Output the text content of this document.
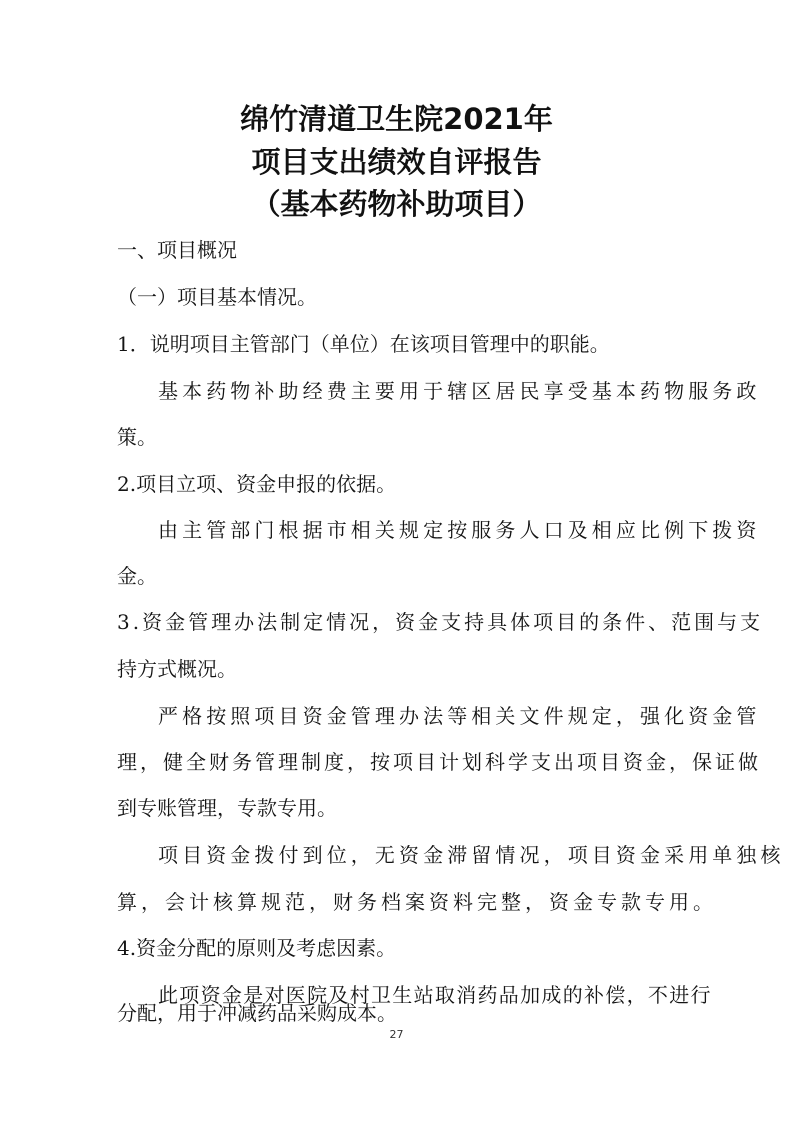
绵竹清道卫生院2021年
项目支出绩效自评报告
（基本药物补助项目）
一、项目概况
（一）项目基本情况。
1．说明项目主管部门（单位）在该项目管理中的职能。
基本药物补助经费主要用于辖区居民享受基本药物服务政
策。
2.项目立项、资金申报的依据。
由主管部门根据市相关规定按服务人口及相应比例下拨资
金。
3.资金管理办法制定情况，资金支持具体项目的条件、范围与支
持方式概况。
严格按照项目资金管理办法等相关文件规定，强化资金管
理，健全财务管理制度，按项目计划科学支出项目资金，保证做
到专账管理，专款专用。
项目资金拨付到位，无资金滞留情况，项目资金采用单独核
算，会计核算规范，财务档案资料完整，资金专款专用。
4.资金分配的原则及考虑因素。
此项资金是对医院及村卫生站取消药品加成的补偿，不进行
分配，用于冲减药品采购成本。
27
